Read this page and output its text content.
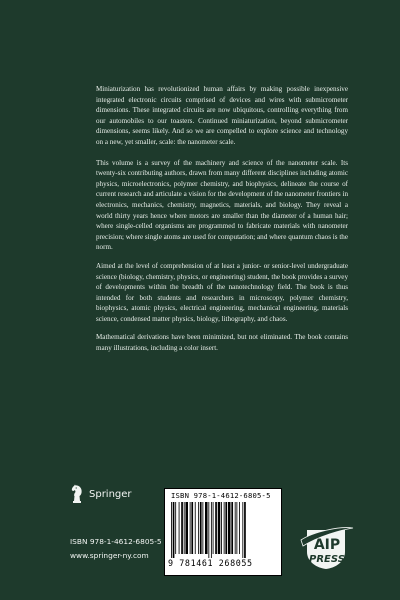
Miniaturization has revolutionized human affairs by making possible inexpensive integrated electronic circuits comprised of devices and wires with submicrometer dimensions. These integrated circuits are now ubiquitous, controlling everything from our automobiles to our toasters. Continued miniaturization, beyond submicrometer dimensions, seems likely. And so we are compelled to explore science and technology on a new, yet smaller, scale: the nanometer scale.

This volume is a survey of the machinery and science of the nanometer scale. Its twenty-six contributing authors, drawn from many different disciplines including atomic physics, microelectronics, polymer chemistry, and biophysics, delineate the course of current research and articulate a vision for the development of the nanometer frontiers in electronics, mechanics, chemistry, magnetics, materials, and biology. They reveal a world thirty years hence where motors are smaller than the diameter of a human hair; where single-celled organisms are programmed to fabricate materials with nanometer precision; where single atoms are used for computation; and where quantum chaos is the norm.

Aimed at the level of comprehension of at least a junior- or senior-level undergraduate science (biology, chemistry, physics, or engineering) student, the book provides a survey of developments within the breadth of the nanotechnology field. The book is thus intended for both students and researchers in microscopy, polymer chemistry, biophysics, atomic physics, electrical engineering, mechanical engineering, materials science, condensed matter physics, biology, lithography, and chaos.

Mathematical derivations have been minimized, but not eliminated. The book contains many illustrations, including a color insert.

Springer
ISBN 978-1-4612-6805-5
www.springer-ny.com
ISBN 978-1-4612-6805-5
9 781461 268055
AIP
PRESS
